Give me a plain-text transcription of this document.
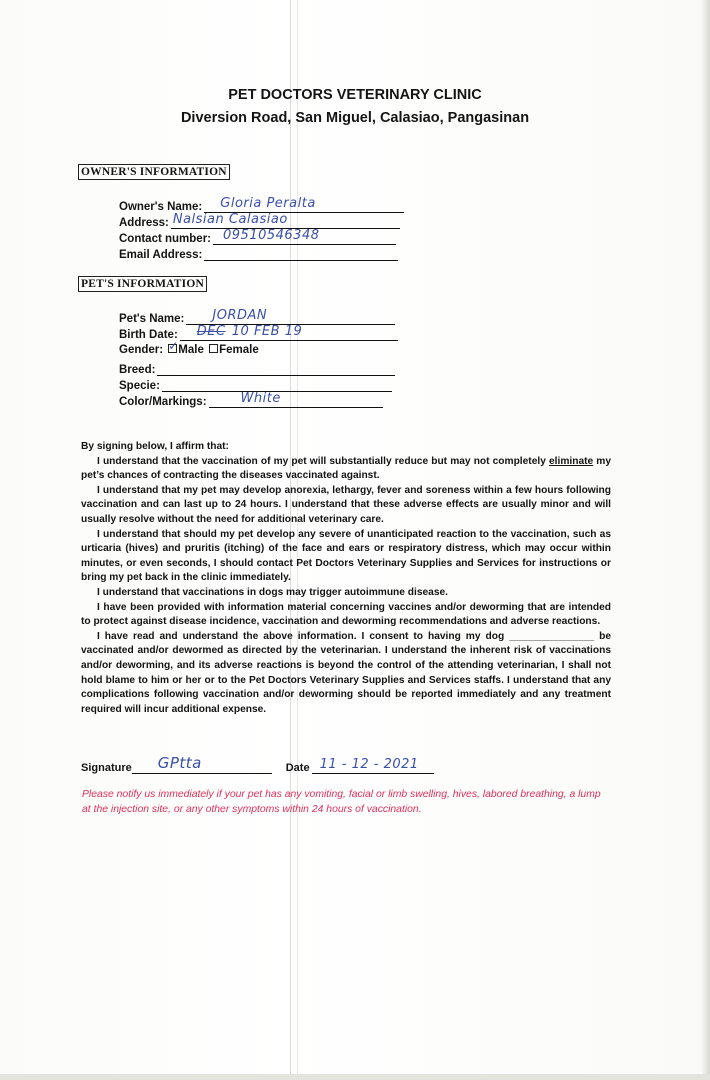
PET DOCTORS VETERINARY CLINIC
Diversion Road, San Miguel, Calasiao, Pangasinan
OWNER'S INFORMATION
Owner's Name: Gloria Peralta
Address: Nalsian Calasiao
Contact number: 09510546348
Email Address:
PET'S INFORMATION
Pet's Name: JORDAN
Birth Date: DEC 10 FEB 19
Gender: ✓ Male Female
Breed:
Specie:
Color/Markings:	White

By signing below, I affirm that:

I understand that the vaccination of my pet will substantially reduce but may not completely eliminate my pet’s chances of contracting the diseases vaccinated against.

I understand that my pet may develop anorexia, lethargy, fever and soreness within a few hours following vaccination and can last up to 24 hours. I understand that these adverse effects are usually minor and will usually resolve without the need for additional veterinary care.

I understand that should my pet develop any severe of unanticipated reaction to the vaccination, such as urticaria (hives) and pruritis (itching) of the face and ears or respiratory distress, which may occur within minutes, or even seconds, I should contact Pet Doctors Veterinary Supplies and Services for instructions or bring my pet back in the clinic immediately.

I understand that vaccinations in dogs may trigger autoimmune disease.

I have been provided with information material concerning vaccines and/or deworming that are intended to protect against disease incidence, vaccination and deworming recommendations and adverse reactions.

I have read and understand the above information. I consent to having my dog _______________ be vaccinated and/or dewormed as directed by the veterinarian. I understand the inherent risk of vaccinations and/or deworming, and its adverse reactions is beyond the control of the attending veterinarian, I shall not hold blame to him or her or to the Pet Doctors Veterinary Supplies and Services staffs. I understand that any complications following vaccination and/or deworming should be reported immediately and any treatment required will incur additional expense.

Signature GPtta	Date 11 - 12 - 2021
Please notify us immediately if your pet has any vomiting, facial or limb swelling, hives, labored breathing, a lump at the injection site, or any other symptoms within 24 hours of vaccination.
